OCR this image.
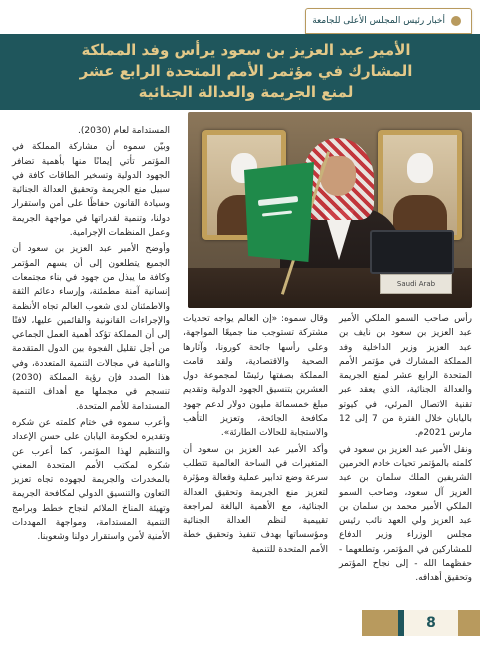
أخبار رئيس المجلس الأعلى للجامعة
الأمير عبد العزيز بن سعود يرأس وفد المملكة
المشارك في مؤتمر الأمم المتحدة الرابع عشر
لمنع الجريمة والعدالة الجنائية
Saudi Arab

رأس صاحب السمو الملكي الأمير عبد العزيز بن سعود بن نايف بن عبد العزيز وزير الداخلية وفد المملكة المشارك في مؤتمر الأمم المتحدة الرابع عشر لمنع الجريمة والعدالة الجنائية، الذي يعقد عبر تقنية الاتصال المرئي، في كيوتو باليابان خلال الفترة من 7 إلى 12 مارس 2021م.

ونقل الأمير عبد العزيز بن سعود في كلمته بالمؤتمر تحيات خادم الحرمين الشريفين الملك سلمان بن عبد العزيز آل سعود، وصاحب السمو الملكي الأمير محمد بن سلمان بن عبد العزيز ولي العهد نائب رئيس مجلس الوزراء وزير الدفاع للمشاركين في المؤتمر، وتطلعهما - حفظهما الله - إلى نجاح المؤتمر وتحقيق أهدافه.

وقال سموه: «إن العالم يواجه تحديات مشتركة تستوجب منا جميعًا المواجهة، وعلى رأسها جائحة كورونا، وآثارها الصحية والاقتصادية، ولقد قامت المملكة بصفتها رئيسًا لمجموعة دول العشرين بتنسيق الجهود الدولية وتقديم مبلغ خمسمائة مليون دولار لدعم جهود مكافحة الجائحة، وتعزيز التأهب والاستجابة للحالات الطارئة».

وأكد الأمير عبد العزيز بن سعود أن المتغيرات في الساحة العالمية تتطلب سرعة وضع تدابير عملية وفعالة ومؤثرة لتعزيز منع الجريمة وتحقيق العدالة الجنائية، مع الأهمية البالغة لمراجعة تقييمية لنظم العدالة الجنائية ومؤسساتها بهدف تنفيذ وتحقيق خطة الأمم المتحدة للتنمية

المستدامة لعام (2030).

وبيّن سموه أن مشاركة المملكة في المؤتمر تأتي إيمانًا منها بأهمية تضافر الجهود الدولية وتسخير الطاقات كافة في سبيل منع الجريمة وتحقيق العدالة الجنائية وسيادة القانون حفاظًا على أمن واستقرار دولنا، وتنمية لقدراتها في مواجهة الجريمة وعمل المنظمات الإجرامية.

وأوضح الأمير عبد العزيز بن سعود أن الجميع يتطلعون إلى أن يسهم المؤتمر وكافة ما يبذل من جهود في بناء مجتمعات إنسانية آمنة مطمئنة، وإرساء دعائم الثقة والاطمئنان لدى شعوب العالم تجاه الأنظمة والإجراءات القانونية والقائمين عليها، لافتًا إلى أن المملكة تؤكد أهمية العمل الجماعي من أجل تقليل الفجوة بين الدول المتقدمة والنامية في مجالات التنمية المتعددة، وفي هذا الصدد فإن رؤية المملكة (2030) تنسجم في مجملها مع أهداف التنمية المستدامة للأمم المتحدة.

وأعرب سموه في ختام كلمته عن شكره وتقديره لحكومة اليابان على حسن الإعداد والتنظيم لهذا المؤتمر، كما أعرب عن شكره لمكتب الأمم المتحدة المعني بالمخدرات والجريمة لجهوده تجاه تعزيز التعاون والتنسيق الدولي لمكافحة الجريمة وتهيئة المناخ الملائم لنجاح خطط وبرامج التنمية المستدامة، ومواجهة المهددات الأمنية لأمن واستقرار دولنا وشعوبنا.

8
